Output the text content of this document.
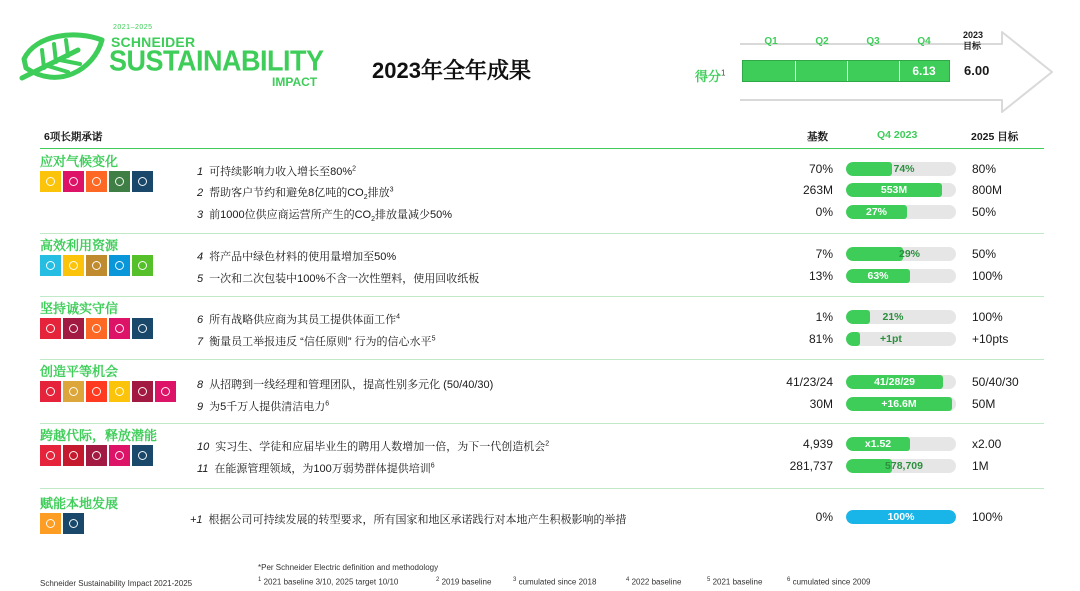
2021–2025
SCHNEIDER
SUSTAINABILITY
IMPACT 2023年全年成果	得分$^1$
Q1	Q2	Q3	Q4
2023
目标
6.13	6.00
6项长期承诺	基数	Q4 2023	2025 目标
应对气候变化
1 可持续影响力收入增长至80%$^2$	70%	74%	80%
2 帮助客户节约和避免8亿吨的$CO_2$排放$^3$	263M	553M	800M
3 前1000位供应商运营所产生的$CO_2$排放量减少50%	0%	27%	50%
高效利用资源
4 将产品中绿色材料的使用量增加至50%	7%	29%	50%
5 一次和二次包装中100%不含一次性塑料，使用回收纸板	13%	63%	100%
坚持诚实守信
6 所有战略供应商为其员工提供体面工作$^4$	1%	21%	100%
7 衡量员工举报违反 “信任原则” 行为的信心水平$^5$	81%	+1pt	+10pts
创造平等机会
8 从招聘到一线经理和管理团队，提高性别多元化 (50/40/30)	41/23/24	41/28/29	50/40/30
9 为5千万人提供清洁电力$^6$	30M	+16.6M	50M
跨越代际，释放潜能
10 实习生、学徒和应届毕业生的聘用人数增加一倍，为下一代创造机会$^2$	4,939	x1.52	x2.00
11 在能源管理领域，为100万弱势群体提供培训$^6$	281,737	578,709	1M
赋能本地发展
+1 根据公司可持续发展的转型要求，所有国家和地区承诺践行对本地产生积极影响的举措	0%	100%	100%
Schneider Sustainability Impact 2021-2025
*Per Schneider Electric definition and methodology
$^1$ 2021 baseline 3/10, 2025 target 10/10	$^2$ 2019 baseline	$^3$ cumulated since 2018	$^4$ 2022 baseline	$^5$ 2021 baseline	$^6$ cumulated since 2009
